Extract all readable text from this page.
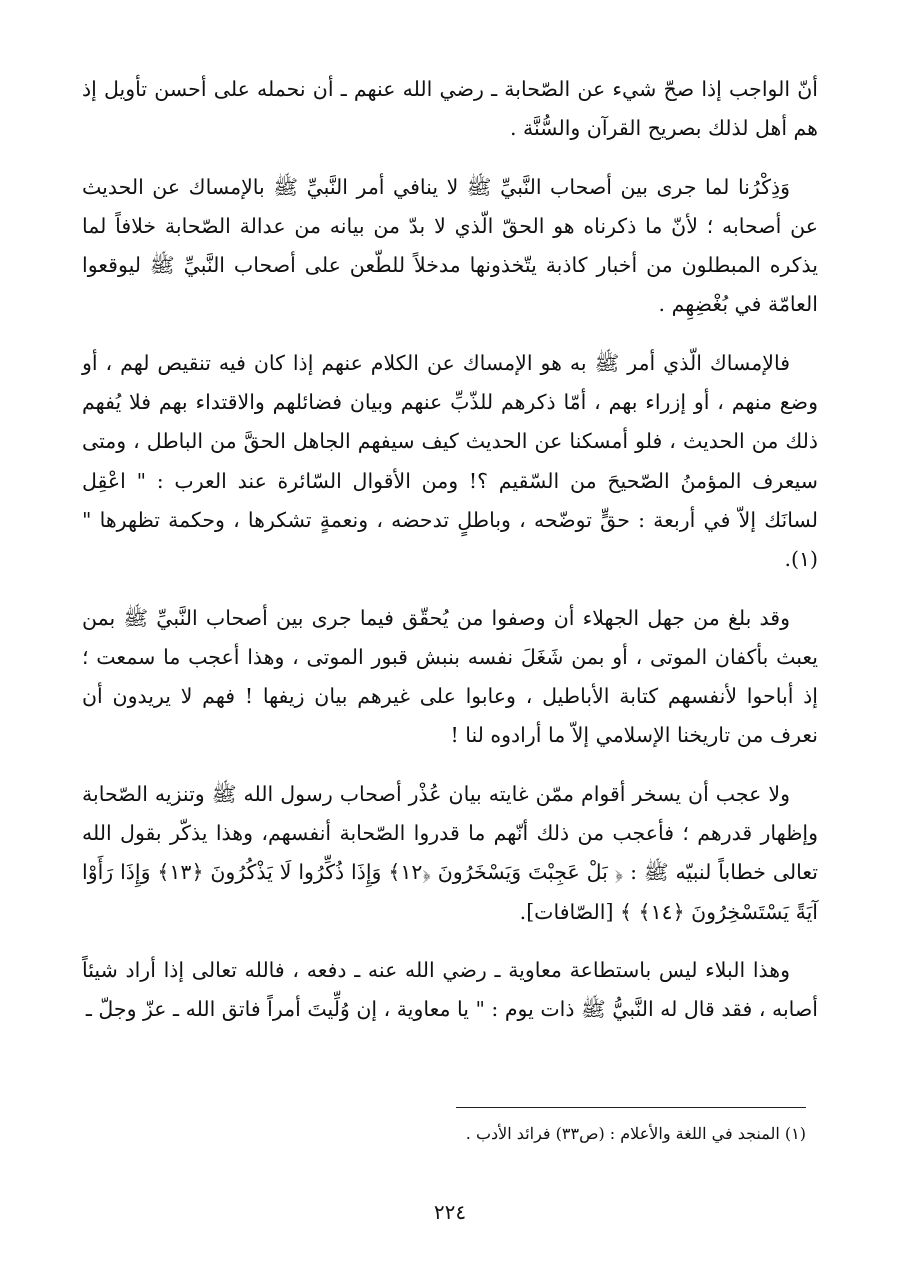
أنّ الواجب إذا صحّ شيء عن الصّحابة ـ رضي الله عنهم ـ أن نحمله على أحسن تأويل إذ هم أهل لذلك بصريح القرآن والسُّنَّة .

وَذِكْرُنا لما جرى بين أصحاب النَّبيِّ ﷺ لا ينافي أمر النَّبيِّ ﷺ بالإمساك عن الحديث عن أصحابه ؛ لأنّ ما ذكرناه هو الحقّ الّذي لا بدّ من بيانه من عدالة الصّحابة خلافاً لما يذكره المبطلون من أخبار كاذبة يتّخذونها مدخلاً للطّعن على أصحاب النَّبيِّ ﷺ ليوقعوا العامّة في بُغْضِهِم .

فالإمساك الّذي أمر ﷺ به هو الإمساك عن الكلام عنهم إذا كان فيه تنقيص لهم ، أو وضع منهم ، أو إزراء بهم ، أمّا ذكرهم للذّبِّ عنهم وبيان فضائلهم والاقتداء بهم فلا يُفهم ذلك من الحديث ، فلو أمسكنا عن الحديث كيف سيفهم الجاهل الحقَّ من الباطل ، ومتى سيعرف المؤمنُ الصّحيحَ من السّقيم ؟! ومن الأقوال السّائرة عند العرب : " اعْقِل لسانَك إلاّ في أربعة : حقٍّ توضّحه ، وباطلٍ تدحضه ، ونعمةٍ تشكرها ، وحكمة تظهرها "(١).

وقد بلغ من جهل الجهلاء أن وصفوا من يُحقّق فيما جرى بين أصحاب النَّبيِّ ﷺ بمن يعبث بأكفان الموتى ، أو بمن شَغَلَ نفسه بنبش قبور الموتى ، وهذا أعجب ما سمعت ؛ إذ أباحوا لأنفسهم كتابة الأباطيل ، وعابوا على غيرهم بيان زيفها ! فهم لا يريدون أن نعرف من تاريخنا الإسلامي إلاّ ما أرادوه لنا !

ولا عجب أن يسخر أقوام ممّن غايته بيان عُذْر أصحاب رسول الله ﷺ وتنزيه الصّحابة وإظهار قدرهم ؛ فأعجب من ذلك أنّهم ما قدروا الصّحابة أنفسهم، وهذا يذكّر بقول الله تعالى خطاباً لنبيّه ﷺ : ﴿ بَلْ عَجِبْتَ وَيَسْخَرُونَ ﴿١٢﴾ وَإِذَا ذُكِّرُوا لَا يَذْكُرُونَ ﴿١٣﴾ وَإِذَا رَأَوْا آيَةً يَسْتَسْخِرُونَ ﴿١٤﴾ ﴾ [الصّافات].

وهذا البلاء ليس باستطاعة معاوية ـ رضي الله عنه ـ دفعه ، فالله تعالى إذا أراد شيئاً أصابه ، فقد قال له النَّبيُّ ﷺ ذات يوم : " يا معاوية ، إن وُلِّيتَ أمراً فاتق الله ـ عزّ وجلّ ـ

(١) المنجد في اللغة والأعلام : (ص٣٣) فرائد الأدب .
٢٢٤
